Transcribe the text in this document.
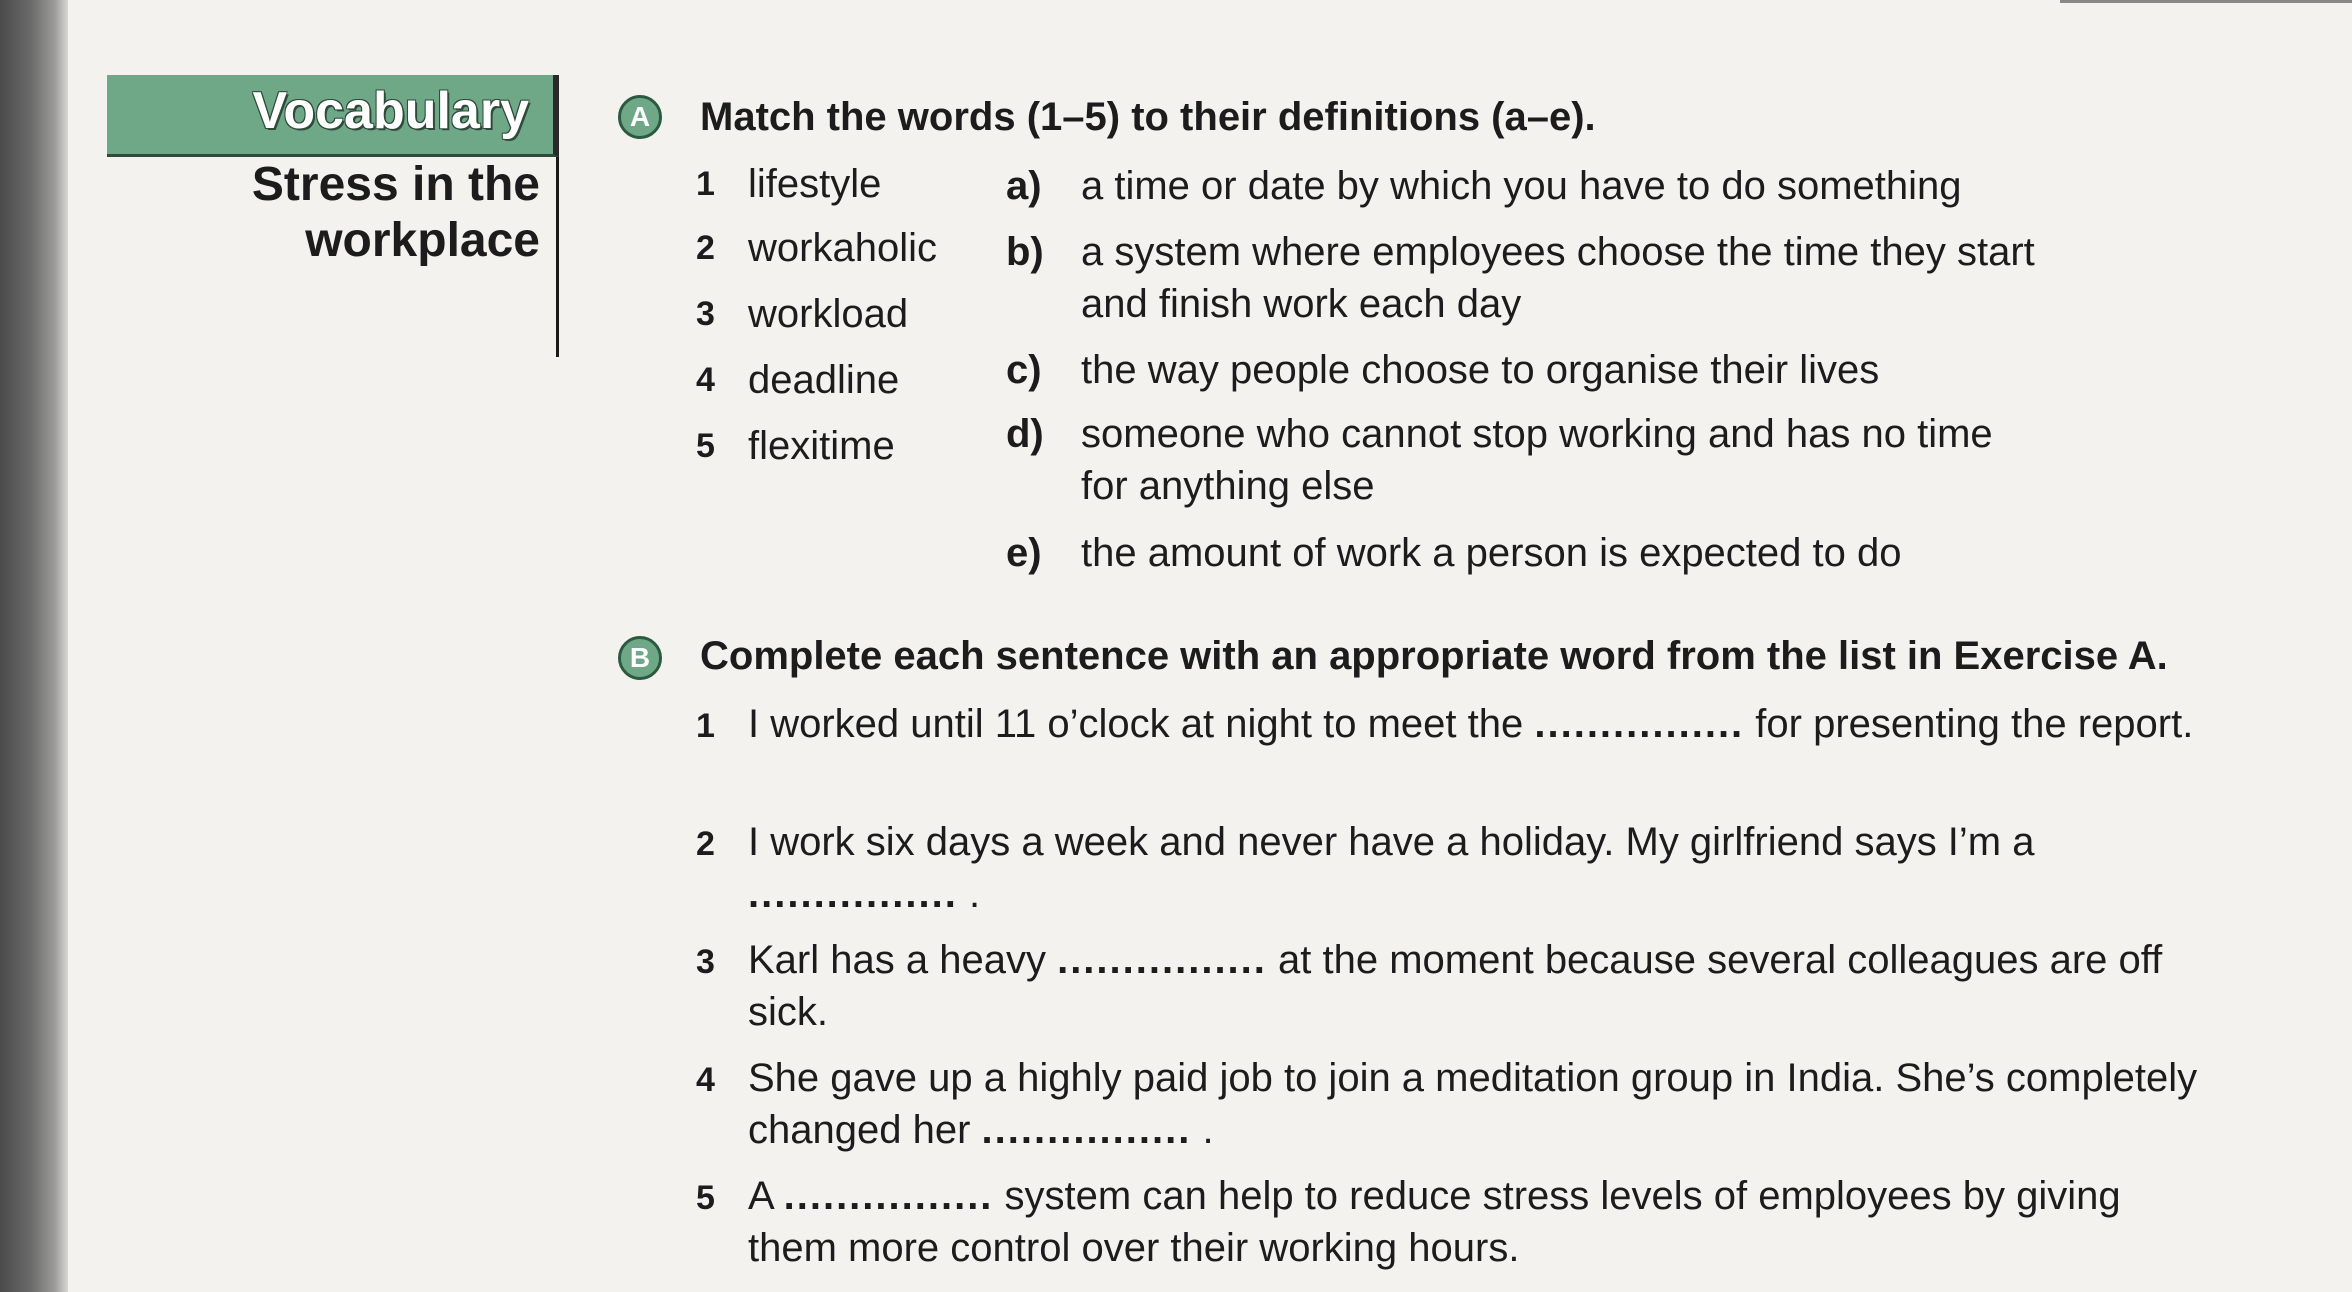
Vocabulary
Stress in the
workplace
A Match the words (1–5) to their definitions (a–e).
1 lifestyle
2 workaholic
3 workload
4 deadline
5 flexitime
a) a time or date by which you have to do something
b) a system where employees choose the time they start
and finish work each day
c) the way people choose to organise their lives
d) someone who cannot stop working and has no time
for anything else
e) the amount of work a person is expected to do
B Complete each sentence with an appropriate word from the list in Exercise A.
1 I worked until 11 o’clock at night to meet the ................ for presenting the report.
2 I work six days a week and never have a holiday. My girlfriend says I’m a
................ .
3 Karl has a heavy ................ at the moment because several colleagues are off sick.
4 She gave up a highly paid job to join a meditation group in India. She’s completely changed her ................ .
5 A ................ system can help to reduce stress levels of employees by giving them more control over their working hours.
